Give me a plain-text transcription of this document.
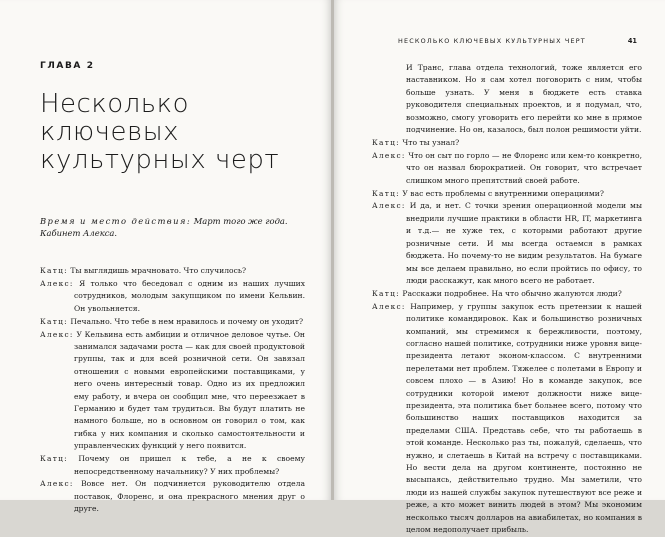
ГЛАВА 2
Несколько ключевых культурных черт
Время и место действия: Март того же года. Кабинет Алекса.

Катц: Ты выглядишь мрачновато. Что случилось?

Алекс: Я только что беседовал с одним из наших лучших сотрудников, молодым закупщиком по имени Кельвин. Он увольняется.

Катц: Печально. Что тебе в нем нравилось и почему он уходит?

Алекс: У Кельвина есть амбиции и отличное деловое чутье. Он занимался задачами роста — как для своей продуктовой группы, так и для всей розничной сети. Он завязал отношения с новыми европейскими поставщиками, у него очень интересный товар. Одно из их предложил ему работу, и вчера он сообщил мне, что переезжает в Германию и будет там трудиться. Вы будут платить не намного больше, но в основном он говорил о том, как гибка у них компания и сколько самостоятельности и управленческих функций у него появится.

Катц: Почему он пришел к тебе, а не к своему непосредственному начальнику? У них проблемы?

Алекс: Вовсе нет. Он подчиняется руководителю отдела поставок, Флоренс, и она прекрасного мнения друг о друге.

НЕСКОЛЬКО КЛЮЧЕВЫХ КУЛЬТУРНЫХ ЧЕРТ	41

И Транс, глава отдела технологий, тоже является его наставником. Но я сам хотел поговорить с ним, чтобы больше узнать. У меня в бюджете есть ставка руководителя специальных проектов, и я подумал, что, возможно, смогу уговорить его перейти ко мне в прямое подчинение. Но он, казалось, был полон решимости уйти.

Катц: Что ты узнал?

Алекс: Что он сыт по горло — не Флоренс или кем-то конкретно, что он назвал бюрократией. Он говорит, что встречает слишком много препятствий своей работе.

Катц: У вас есть проблемы с внутренними операциями?

Алекс: И да, и нет. С точки зрения операционной модели мы внедрили лучшие практики в области HR, IT, маркетинга и т.д.— не хуже тех, с которыми работают другие розничные сети. И мы всегда остаемся в рамках бюджета. Но почему-то не видим результатов. На бумаге мы все делаем правильно, но если пройтись по офису, то люди расскажут, как много всего не работает.

Катц: Расскажи подробнее. На что обычно жалуются люди?

Алекс: Например, у группы закупок есть претензии к нашей политике командировок. Как и большинство розничных компаний, мы стремимся к бережливости, поэтому, согласно нашей политике, сотрудники ниже уровня вице-президента летают эконом-классом. С внутренними перелетами нет проблем. Тяжелее с полетами в Европу и совсем плохо — в Азию! Но в команде закупок, все сотрудники которой имеют должности ниже вице-президента, эта политика бьет больнее всего, потому что большинство наших поставщиков находится за пределами США. Представь себе, что ты работаешь в этой команде. Несколько раз ты, пожалуй, сделаешь, что нужно, и слетаешь в Китай на встречу с поставщиками. Но вести дела на другом континенте, постоянно не высыпаясь, действительно трудно. Мы заметили, что люди из нашей службы закупок путешествуют все реже и реже, а кто может винить людей в этом? Мы экономим несколько тысяч долларов на авиабилетах, но компания в целом недополучает прибыль.
